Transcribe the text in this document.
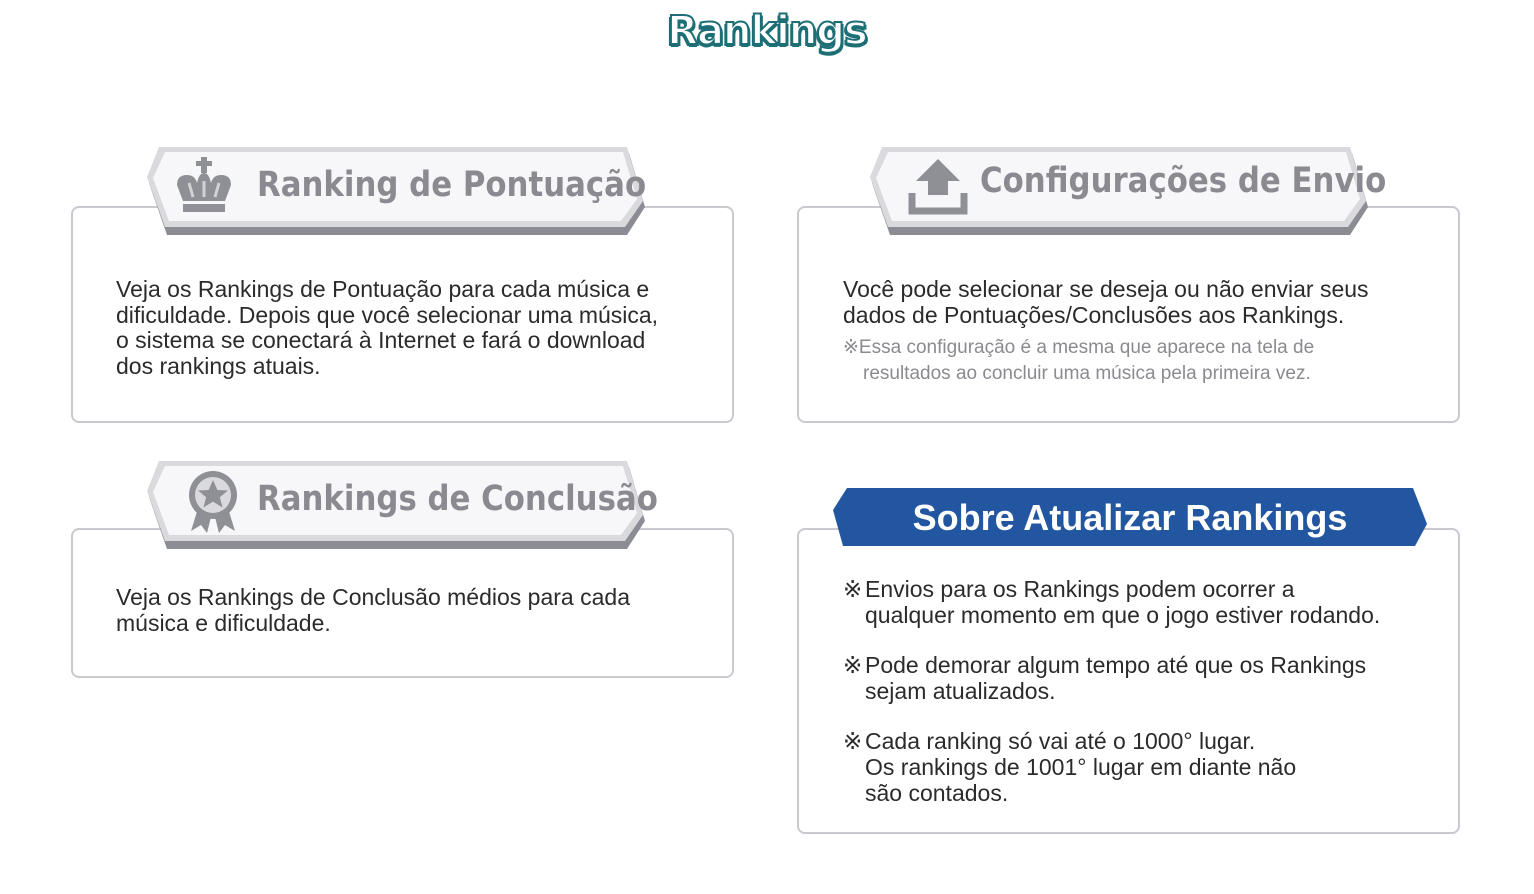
Rankings
Ranking de Pontuação
Veja os Rankings de Pontuação para cada música e
dificuldade. Depois que você selecionar uma música,
o sistema se conectará à Internet e fará o download
dos rankings atuais.
Configurações de Envio
Você pode selecionar se deseja ou não enviar seus
dados de Pontuações/Conclusões aos Rankings.
※Essa configuração é a mesma que aparece na tela de
resultados ao concluir uma música pela primeira vez.
Rankings de Conclusão
Veja os Rankings de Conclusão médios para cada
música e dificuldade.
Sobre Atualizar Rankings
※ Envios para os Rankings podem ocorrer a
qualquer momento em que o jogo estiver rodando.
※ Pode demorar algum tempo até que os Rankings
sejam atualizados.
※ Cada ranking só vai até o 1000° lugar.
Os rankings de 1001° lugar em diante não
são contados.
